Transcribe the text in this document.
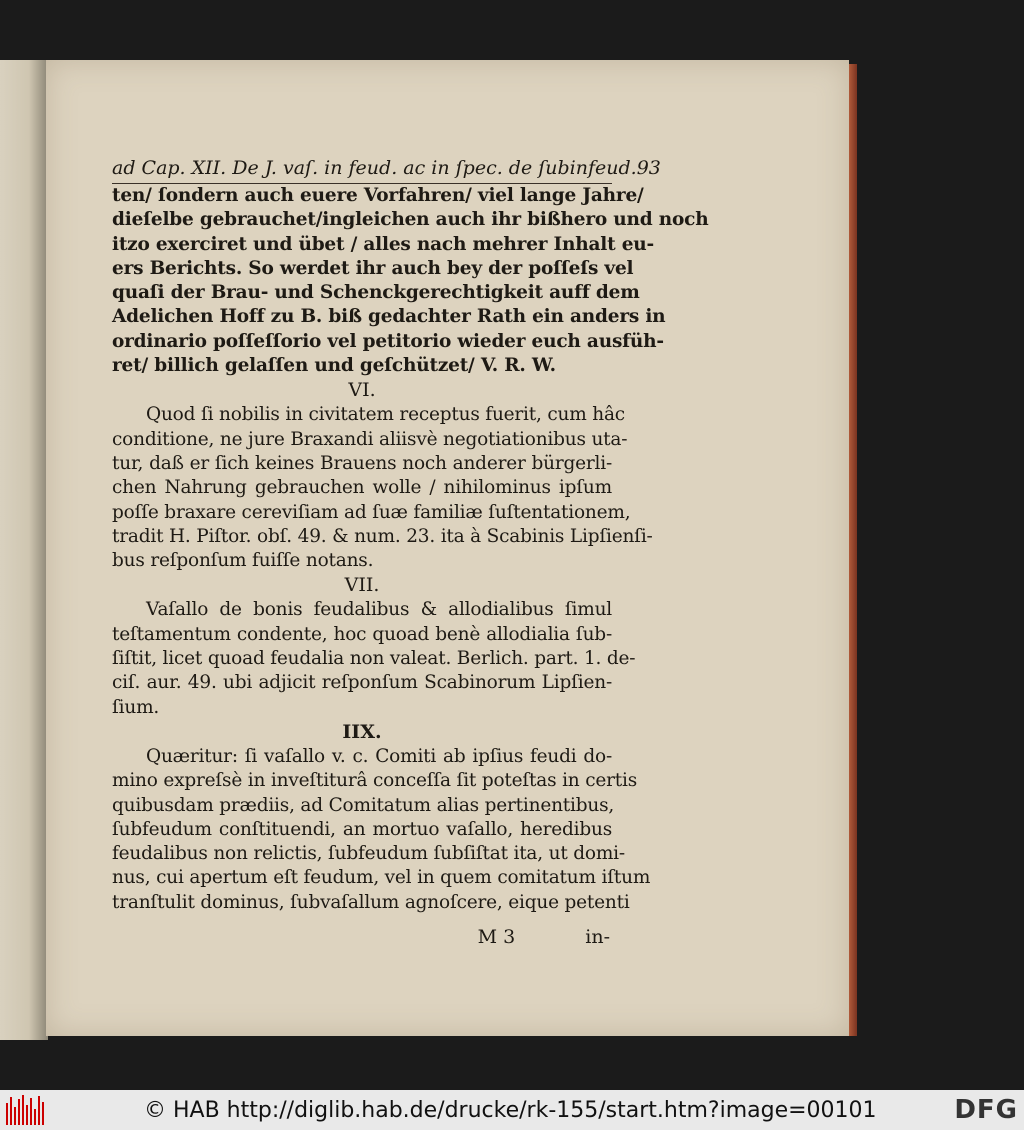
ad Cap. XII. De J. vaſ. in feud. ac in ſpec. de ſubinfeud. 93
ten/ ſondern auch euere Vorfahren/ viel lange Jahre/
dieſelbe gebrauchet/ingleichen auch ihr bißhero und noch
itzo exerciret und übet / alles nach mehrer Inhalt eu-
ers Berichts. So werdet ihr auch bey der poſſeſs vel
quaſi der Brau- und Schenckgerechtigkeit auff dem
Adelichen Hoff zu B. biß gedachter Rath ein anders in
ordinario poſſeſſorio vel petitorio wieder euch ausfüh-
ret/ billich gelaſſen und geſchützet/ V. R. W.
VI.
Quod ſi nobilis in civitatem receptus fuerit, cum hâc
conditione, ne jure Braxandi aliisvè negotiationibus uta-
tur, daß er ſich keines Brauens noch anderer bürgerli-
chen Nahrung gebrauchen wolle / nihilominus ipſum
poſſe braxare cereviſiam ad ſuæ familiæ ſuſtentationem,
tradit H. Piſtor. obſ. 49. & num. 23. ita à Scabinis Lipſienſi-
bus reſponſum fuiſſe notans.
VII.
Vaſallo de bonis feudalibus & allodialibus ſimul
teſtamentum condente, hoc quoad benè allodialia ſub-
ſiſtit, licet quoad feudalia non valeat. Berlich. part. 1. de-
ciſ. aur. 49. ubi adjicit reſponſum Scabinorum Lipſien-
ſium.
IIX.
Quæritur: ſi vaſallo v. c. Comiti ab ipſius feudi do-
mino expreſsè in inveſtiturâ conceſſa ſit poteſtas in certis
quibusdam prædiis, ad Comitatum alias pertinentibus,
ſubfeudum conſtituendi, an mortuo vaſallo, heredibus
feudalibus non relictis, ſubfeudum ſubſiſtat ita, ut domi-
nus, cui apertum eſt feudum, vel in quem comitatum iſtum
tranſtulit dominus, ſubvaſallum agnoſcere, eique petenti
M 3	in-
© HAB http://diglib.hab.de/drucke/rk-155/start.htm?image=00101	DFG
